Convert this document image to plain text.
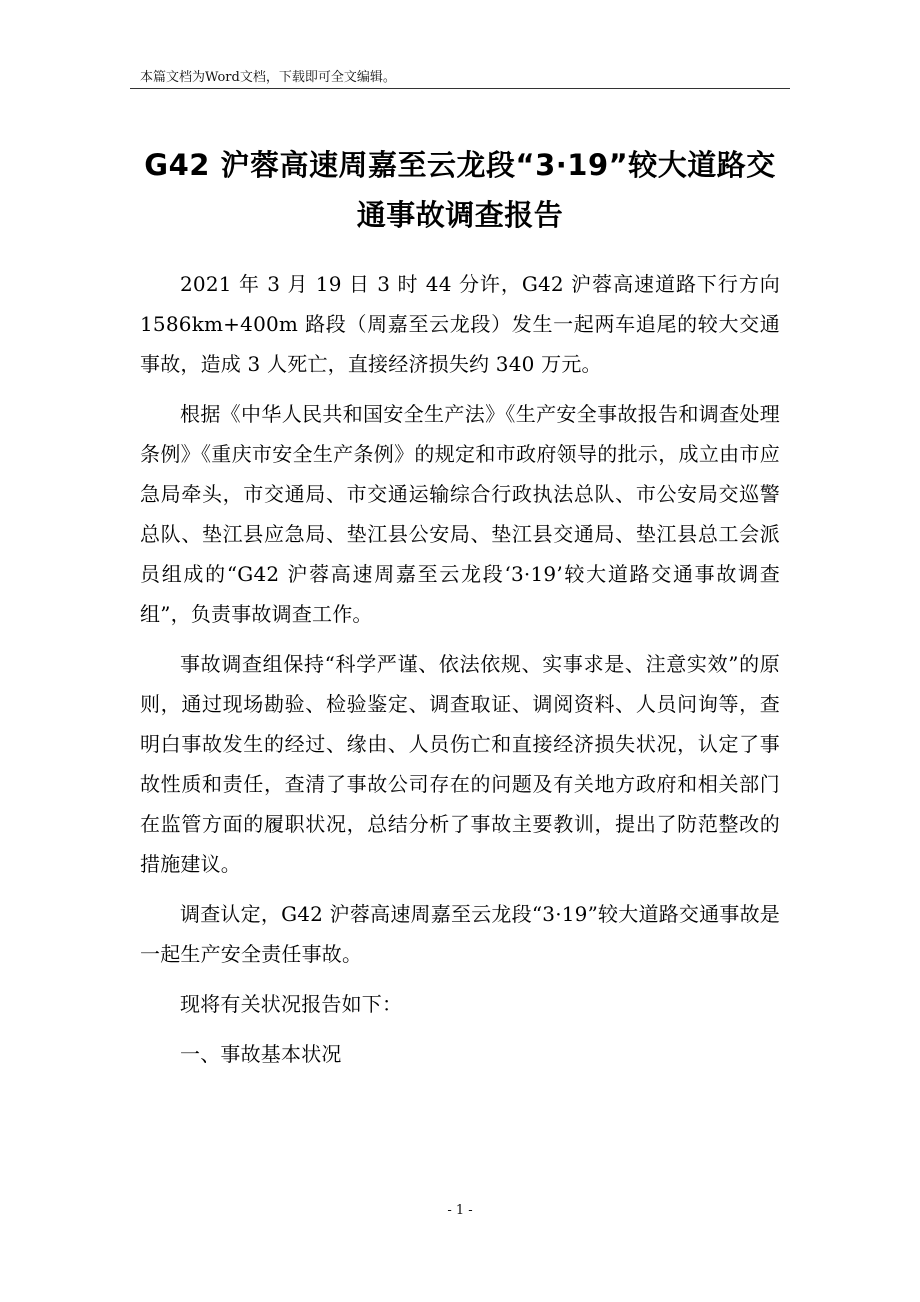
本篇文档为Word文档，下载即可全文编辑。
G42 沪蓉高速周嘉至云龙段“3·19”较大道路交通事故调查报告

2021 年 3 月 19 日 3 时 44 分许，G42 沪蓉高速道路下行方向 1586km+400m 路段（周嘉至云龙段）发生一起两车追尾的较大交通事故，造成 3 人死亡，直接经济损失约 340 万元。

根据《中华人民共和国安全生产法》《生产安全事故报告和调查处理条例》《重庆市安全生产条例》的规定和市政府领导的批示，成立由市应急局牵头，市交通局、市交通运输综合行政执法总队、市公安局交巡警总队、垫江县应急局、垫江县公安局、垫江县交通局、垫江县总工会派员组成的“G42 沪蓉高速周嘉至云龙段‘3·19’较大道路交通事故调查组”，负责事故调查工作。

事故调查组保持“科学严谨、依法依规、实事求是、注意实效”的原则，通过现场勘验、检验鉴定、调查取证、调阅资料、人员问询等，查明白事故发生的经过、缘由、人员伤亡和直接经济损失状况，认定了事故性质和责任，查清了事故公司存在的问题及有关地方政府和相关部门在监管方面的履职状况，总结分析了事故主要教训，提出了防范整改的措施建议。

调查认定，G42 沪蓉高速周嘉至云龙段“3·19”较大道路交通事故是一起生产安全责任事故。

现将有关状况报告如下：

一、事故基本状况

- 1 -
